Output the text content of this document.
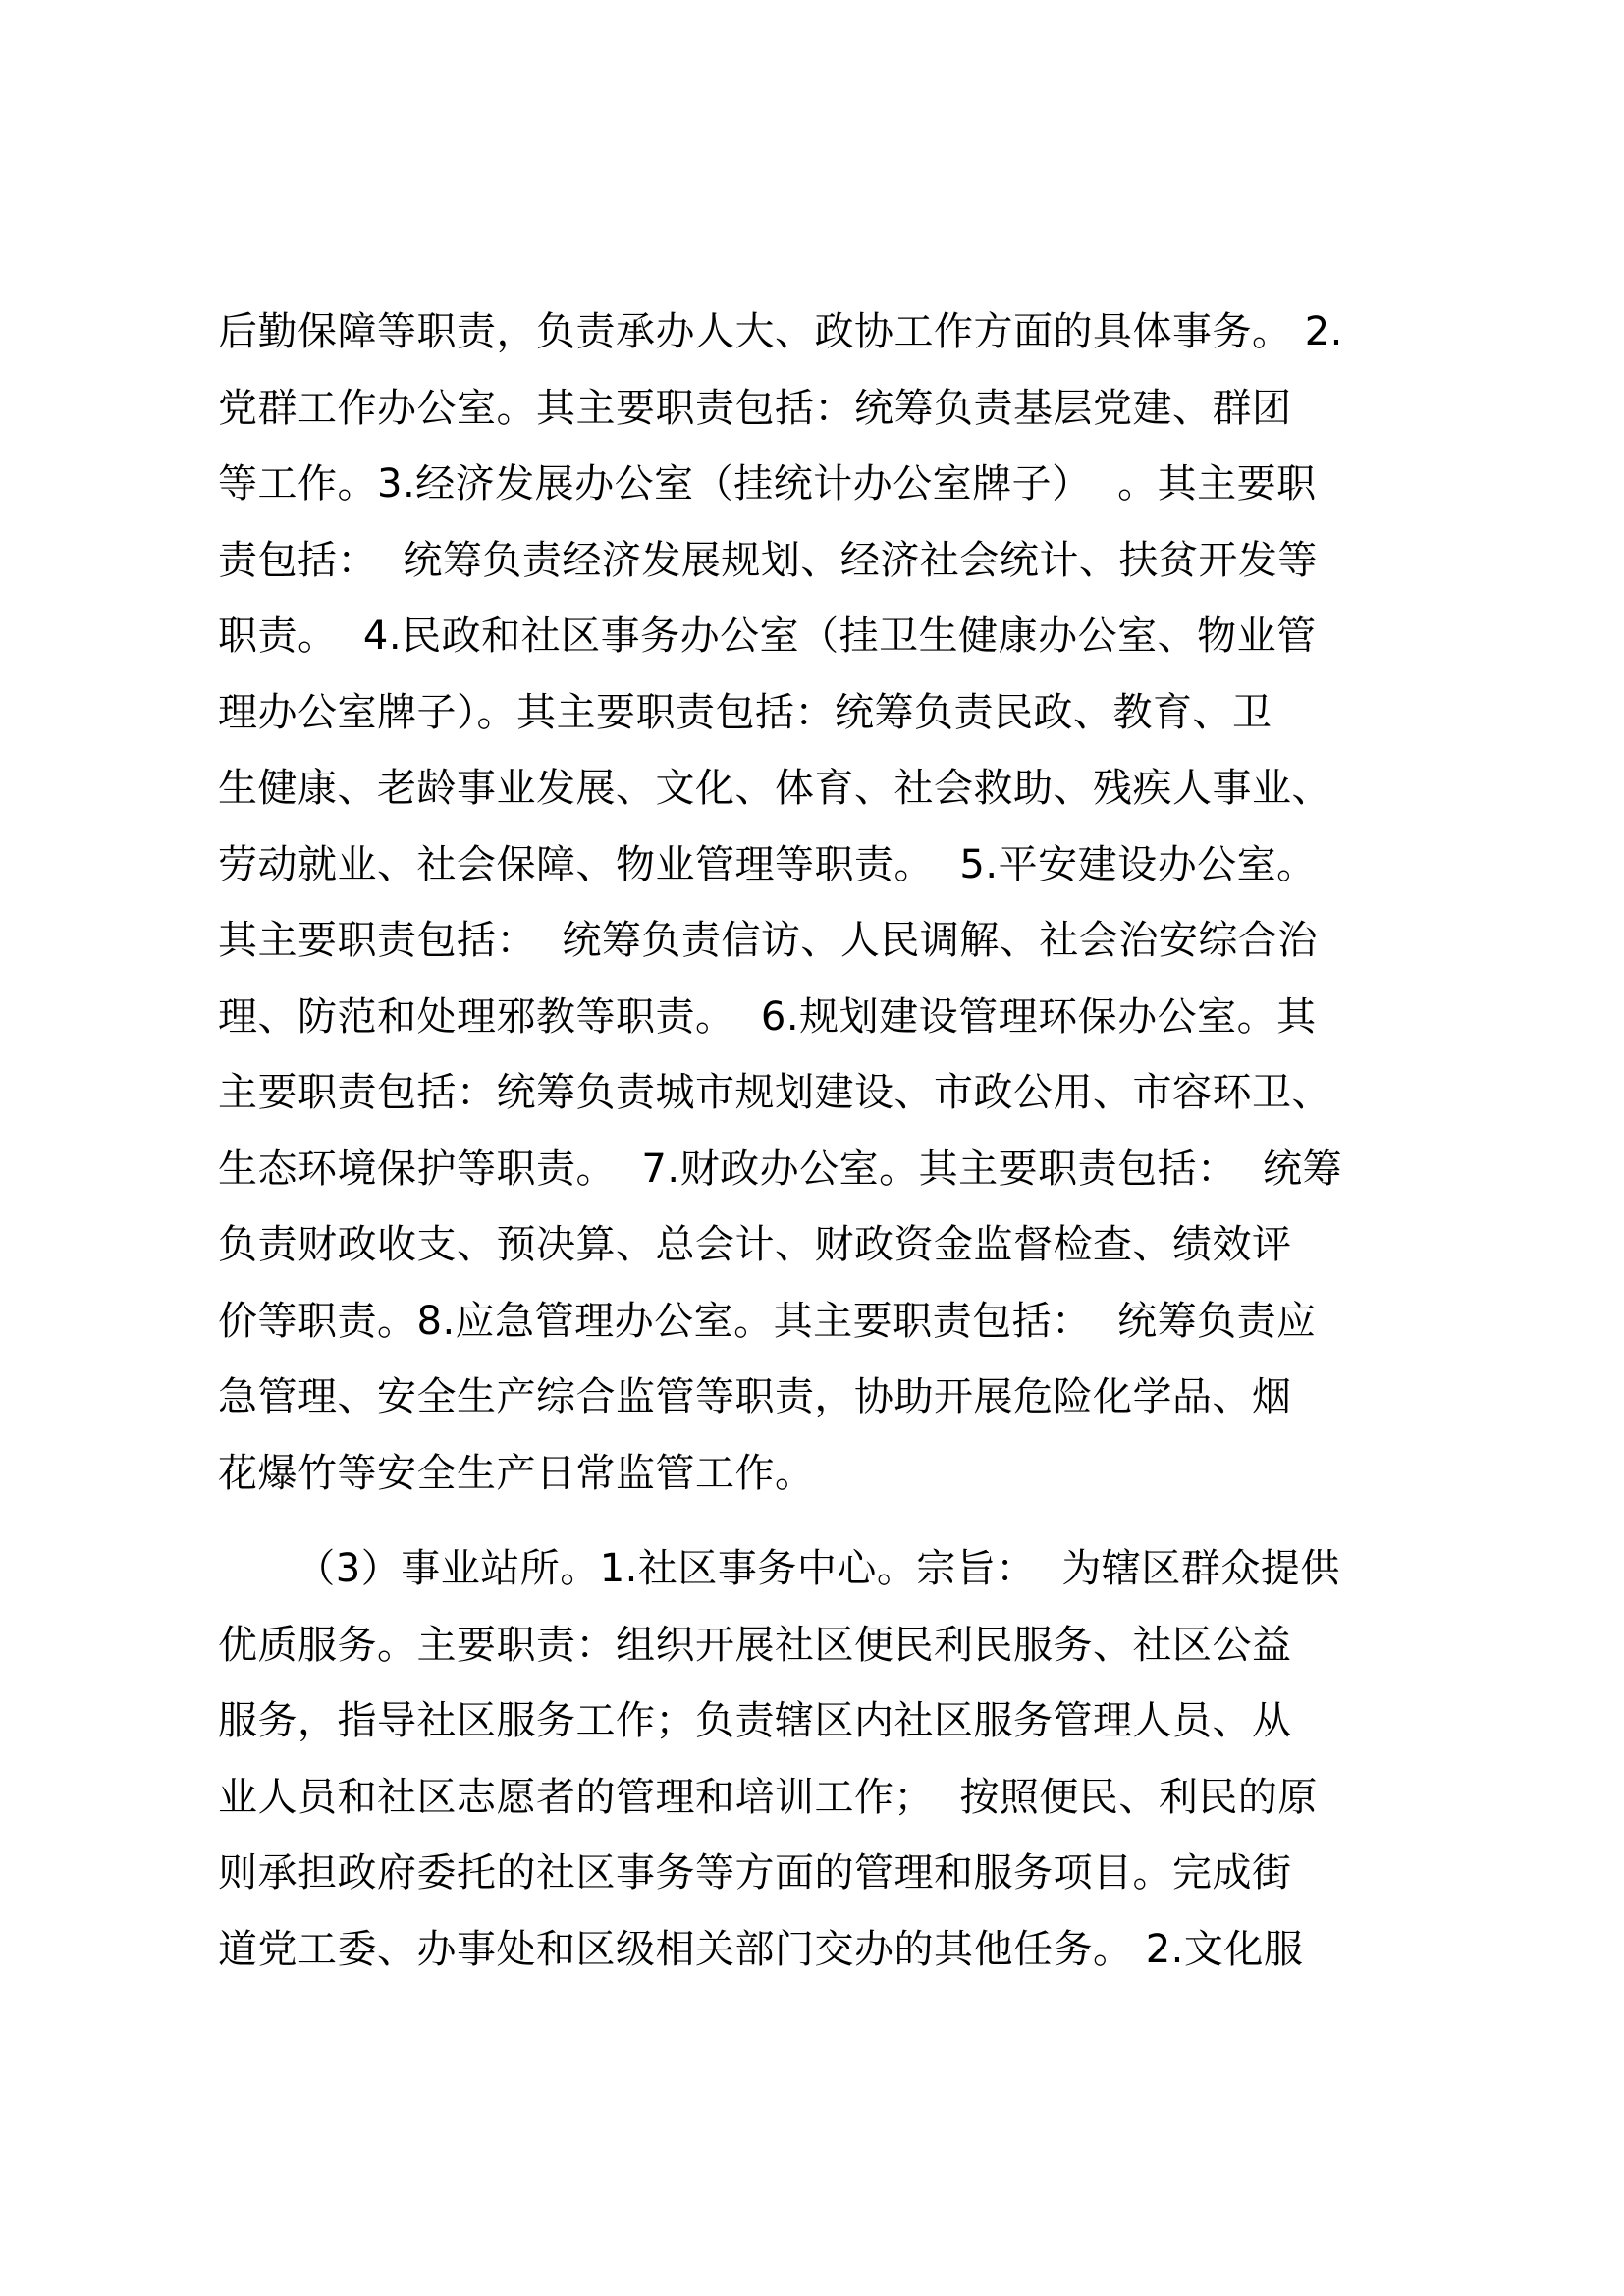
后勤保障等职责，负责承办人大、政协工作方面的具体事务。 2.
党群工作办公室。其主要职责包括：统筹负责基层党建、群团
等工作。3.经济发展办公室（挂统计办公室牌子）  。其主要职
责包括：  统筹负责经济发展规划、经济社会统计、扶贫开发等
职责。  4.民政和社区事务办公室（挂卫生健康办公室、物业管
理办公室牌子）。其主要职责包括：统筹负责民政、教育、卫
生健康、老龄事业发展、文化、体育、社会救助、残疾人事业、
劳动就业、社会保障、物业管理等职责。  5.平安建设办公室。
其主要职责包括：  统筹负责信访、人民调解、社会治安综合治
理、防范和处理邪教等职责。  6.规划建设管理环保办公室。其
主要职责包括：统筹负责城市规划建设、市政公用、市容环卫、
生态环境保护等职责。  7.财政办公室。其主要职责包括：  统筹
负责财政收支、预决算、总会计、财政资金监督检查、绩效评
价等职责。8.应急管理办公室。其主要职责包括：  统筹负责应
急管理、安全生产综合监管等职责，协助开展危险化学品、烟
花爆竹等安全生产日常监管工作。
（3）事业站所。1.社区事务中心。宗旨：  为辖区群众提供
优质服务。主要职责：组织开展社区便民利民服务、社区公益
服务，指导社区服务工作；负责辖区内社区服务管理人员、从
业人员和社区志愿者的管理和培训工作；  按照便民、利民的原
则承担政府委托的社区事务等方面的管理和服务项目。完成街
道党工委、办事处和区级相关部门交办的其他任务。 2.文化服
